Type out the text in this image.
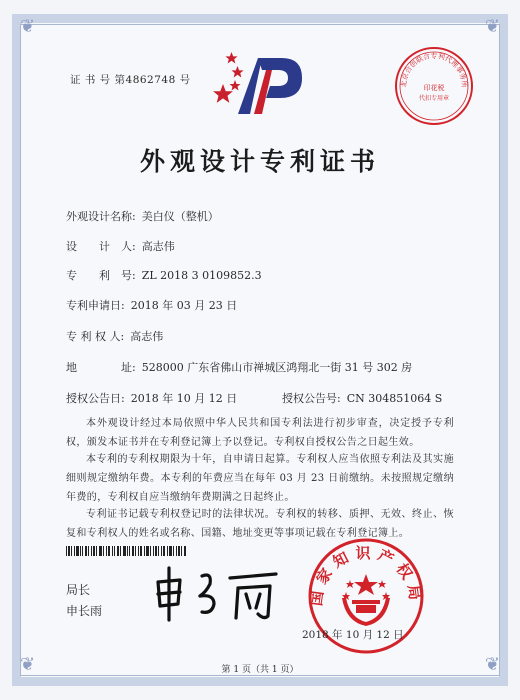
❦	❦
❦	❦
证 书 号 第4862748 号	北京合创联合专利代理事务所
印花税
代扣专用章
外观设计专利证书
外观设计名称: 美白仪（整机）
设　　计　人: 高志伟
专　　利　号: ZL 2018 3 0109852.3
专利申请日: 2018 年 03 月 23 日
专 利 权 人: 高志伟
地　　　　址: 528000 广东省佛山市禅城区鸿翔北一街 31 号 302 房
授权公告日: 2018 年 10 月 12 日	授权公告号: CN 304851064 S
本外观设计经过本局依照中华人民共和国专利法进行初步审查，决定授予专利权，颁发本证书并在专利登记簿上予以登记。专利权自授权公告之日起生效。
本专利的专利权期限为十年，自申请日起算。专利权人应当依照专利法及其实施细则规定缴纳年费。本专利的年费应当在每年 03 月 23 日前缴纳。未按照规定缴纳年费的，专利权自应当缴纳年费期满之日起终止。
专利证书记载专利权登记时的法律状况。专利权的转移、质押、无效、终止、恢复和专利权人的姓名或名称、国籍、地址变更等事项记载在专利登记簿上。
局长
申长雨
国家知识产权局
2018 年 10 月 12 日
第 1 页（共 1 页）
